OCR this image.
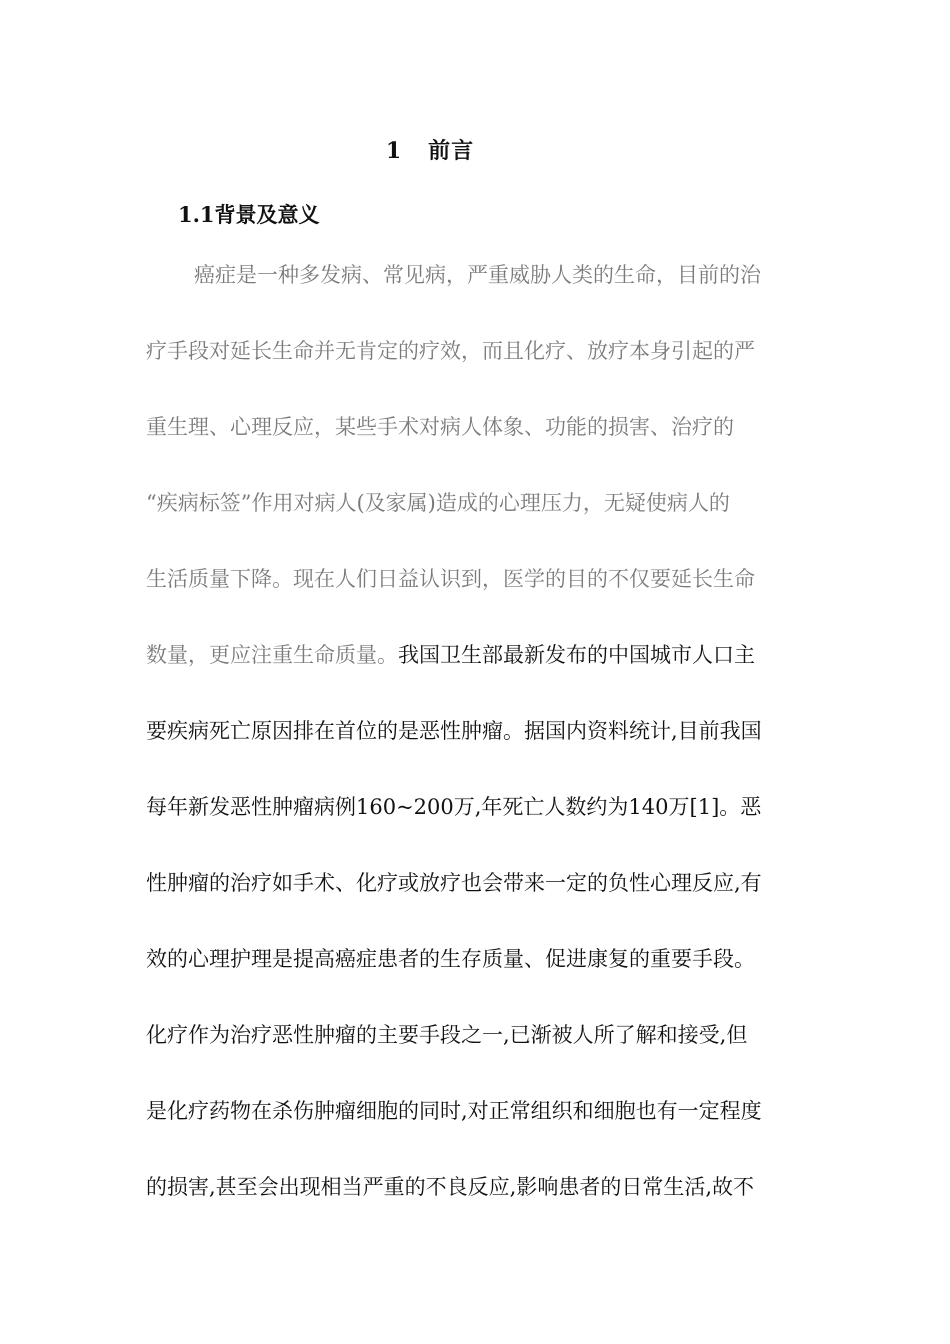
1   前言
1.1背景及意义
癌症是一种多发病、常见病，严重威胁人类的生命，目前的治
疗手段对延长生命并无肯定的疗效，而且化疗、放疗本身引起的严
重生理、心理反应，某些手术对病人体象、功能的损害、治疗的
“疾病标签”作用对病人(及家属)造成的心理压力，无疑使病人的
生活质量下降。现在人们日益认识到，医学的目的不仅要延长生命
数量，更应注重生命质量。我国卫生部最新发布的中国城市人口主
要疾病死亡原因排在首位的是恶性肿瘤。据国内资料统计,目前我国
每年新发恶性肿瘤病例160~200万,年死亡人数约为140万[1]。恶
性肿瘤的治疗如手术、化疗或放疗也会带来一定的负性心理反应,有
效的心理护理是提高癌症患者的生存质量、促进康复的重要手段。
化疗作为治疗恶性肿瘤的主要手段之一,已渐被人所了解和接受,但
是化疗药物在杀伤肿瘤细胞的同时,对正常组织和细胞也有一定程度
的损害,甚至会出现相当严重的不良反应,影响患者的日常生活,故不
